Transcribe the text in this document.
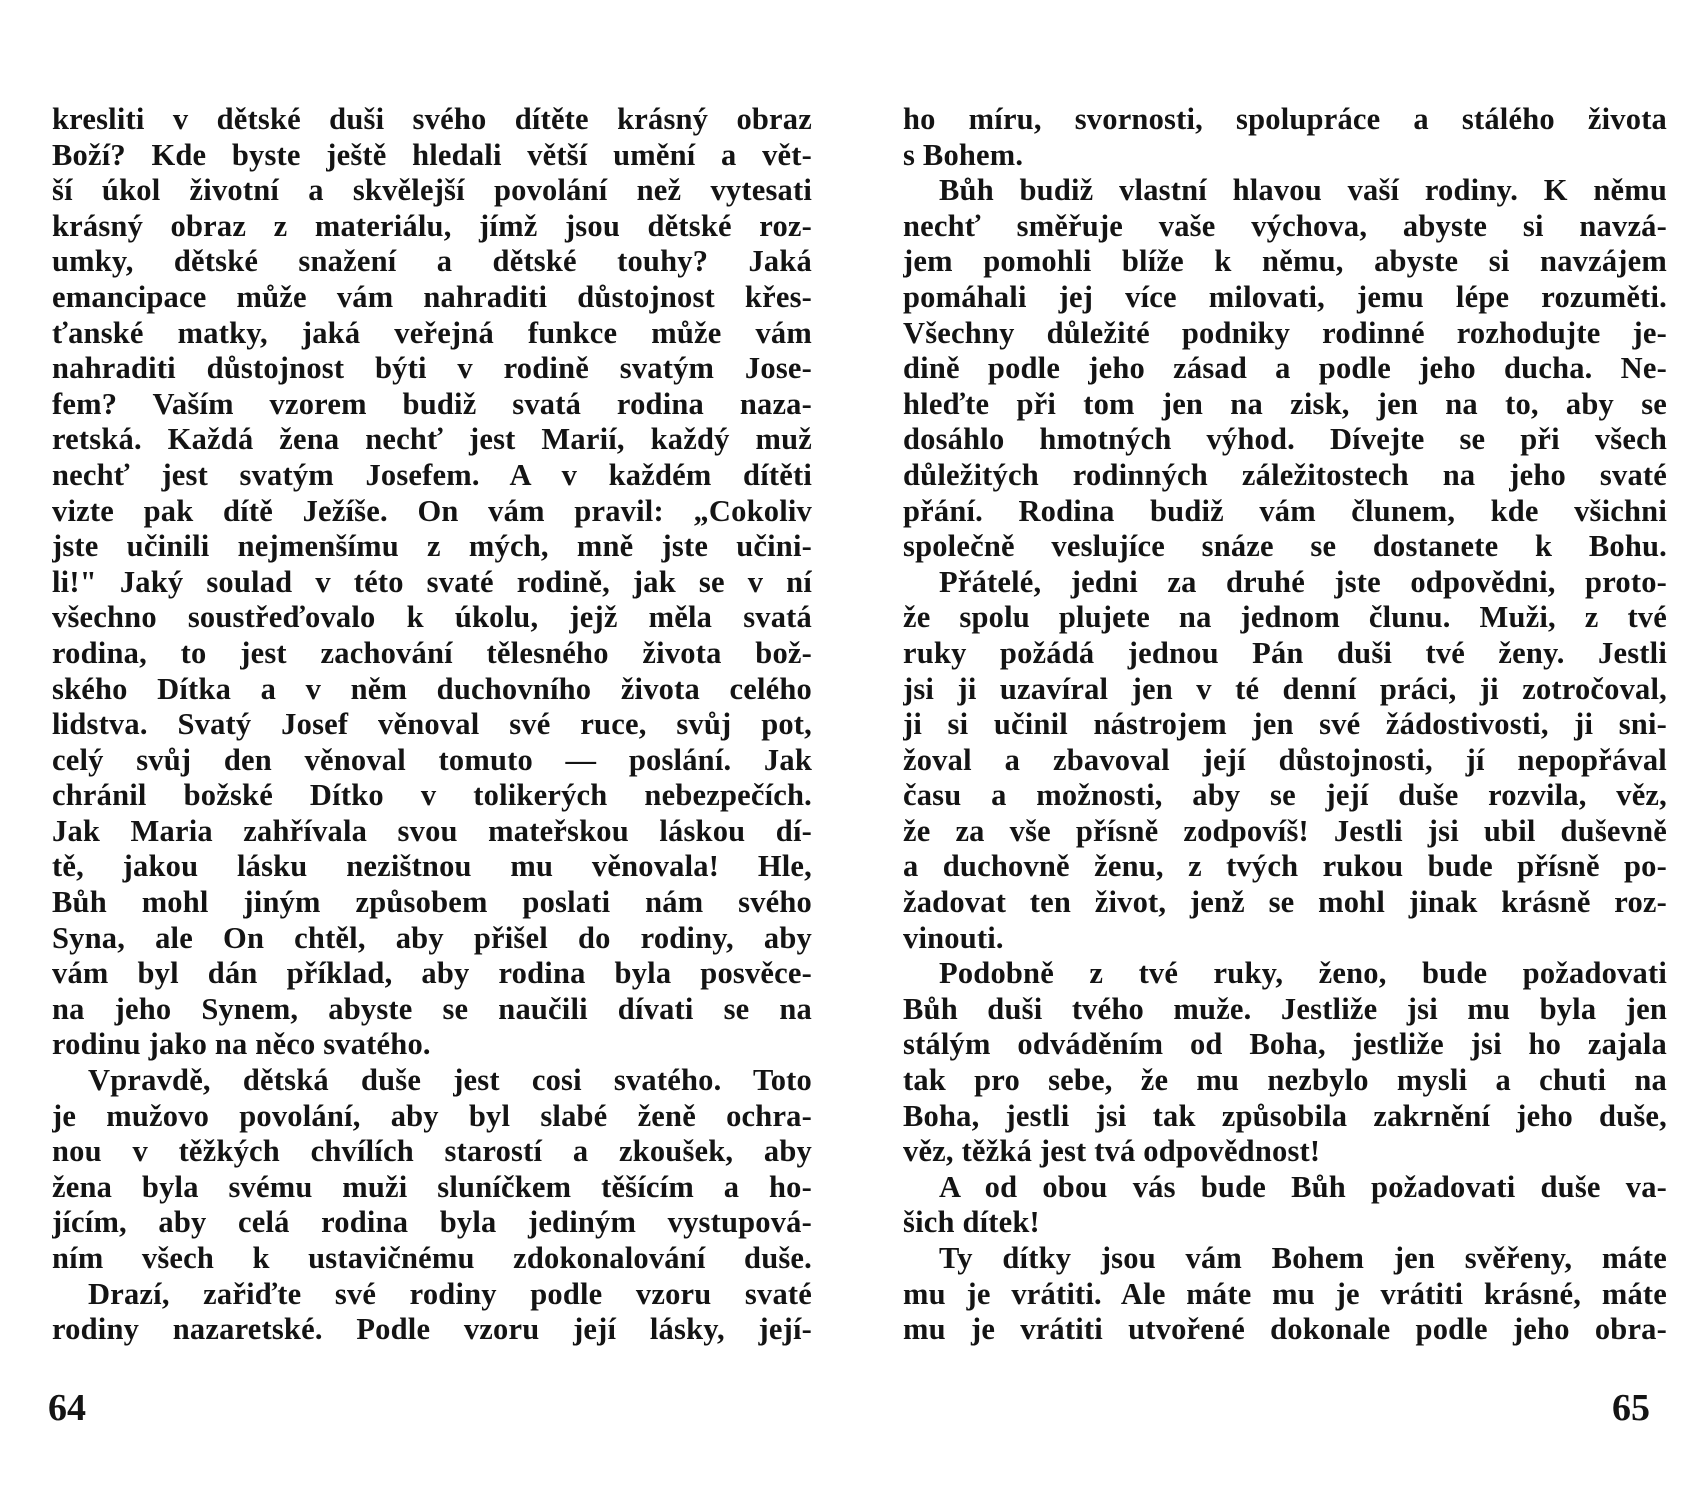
kresliti v dětské duši svého dítěte krásný obraz
Boží? Kde byste ještě hledali větší umění a vět-
ší úkol životní a skvělejší povolání než vytesati
krásný obraz z materiálu, jímž jsou dětské roz-
umky, dětské snažení a dětské touhy? Jaká
emancipace může vám nahraditi důstojnost křes-
ťanské matky, jaká veřejná funkce může vám
nahraditi důstojnost býti v rodině svatým Jose-
fem? Vaším vzorem budiž svatá rodina naza-
retská. Každá žena nechť jest Marií, každý muž
nechť jest svatým Josefem. A v každém dítěti
vizte pak dítě Ježíše. On vám pravil: „Cokoliv
jste učinili nejmenšímu z mých, mně jste učini-
li!" Jaký soulad v této svaté rodině, jak se v ní
všechno soustřeďovalo k úkolu, jejž měla svatá
rodina, to jest zachování tělesného života bož-
ského Dítka a v něm duchovního života celého
lidstva. Svatý Josef věnoval své ruce, svůj pot,
celý svůj den věnoval tomuto — poslání. Jak
chránil božské Dítko v tolikerých nebezpečích.
Jak Maria zahřívala svou mateřskou láskou dí-
tě, jakou lásku nezištnou mu věnovala! Hle,
Bůh mohl jiným způsobem poslati nám svého
Syna, ale On chtěl, aby přišel do rodiny, aby
vám byl dán příklad, aby rodina byla posvěce-
na jeho Synem, abyste se naučili dívati se na
rodinu jako na něco svatého.
Vpravdě, dětská duše jest cosi svatého. Toto
je mužovo povolání, aby byl slabé ženě ochra-
nou v těžkých chvílích starostí a zkoušek, aby
žena byla svému muži sluníčkem těšícím a ho-
jícím, aby celá rodina byla jediným vystupová-
ním všech k ustavičnému zdokonalování duše.
Drazí, zařiďte své rodiny podle vzoru svaté
rodiny nazaretské. Podle vzoru její lásky, její-
64
ho míru, svornosti, spolupráce a stálého života
s Bohem.
Bůh budiž vlastní hlavou vaší rodiny. K němu
nechť směřuje vaše výchova, abyste si navzá-
jem pomohli blíže k němu, abyste si navzájem
pomáhali jej více milovati, jemu lépe rozuměti.
Všechny důležité podniky rodinné rozhodujte je-
dině podle jeho zásad a podle jeho ducha. Ne-
hleďte při tom jen na zisk, jen na to, aby se
dosáhlo hmotných výhod. Dívejte se při všech
důležitých rodinných záležitostech na jeho svaté
přání. Rodina budiž vám člunem, kde všichni
společně veslujíce snáze se dostanete k Bohu.
Přátelé, jedni za druhé jste odpovědni, proto-
že spolu plujete na jednom člunu. Muži, z tvé
ruky požádá jednou Pán duši tvé ženy. Jestli
jsi ji uzavíral jen v té denní práci, ji zotročoval,
ji si učinil nástrojem jen své žádostivosti, ji sni-
žoval a zbavoval její důstojnosti, jí nepopřával
času a možnosti, aby se její duše rozvila, věz,
že za vše přísně zodpovíš! Jestli jsi ubil duševně
a duchovně ženu, z tvých rukou bude přísně po-
žadovat ten život, jenž se mohl jinak krásně roz-
vinouti.
Podobně z tvé ruky, ženo, bude požadovati
Bůh duši tvého muže. Jestliže jsi mu byla jen
stálým odváděním od Boha, jestliže jsi ho zajala
tak pro sebe, že mu nezbylo mysli a chuti na
Boha, jestli jsi tak způsobila zakrnění jeho duše,
věz, těžká jest tvá odpovědnost!
A od obou vás bude Bůh požadovati duše va-
šich dítek!
Ty dítky jsou vám Bohem jen svěřeny, máte
mu je vrátiti. Ale máte mu je vrátiti krásné, máte
mu je vrátiti utvořené dokonale podle jeho obra-
65
